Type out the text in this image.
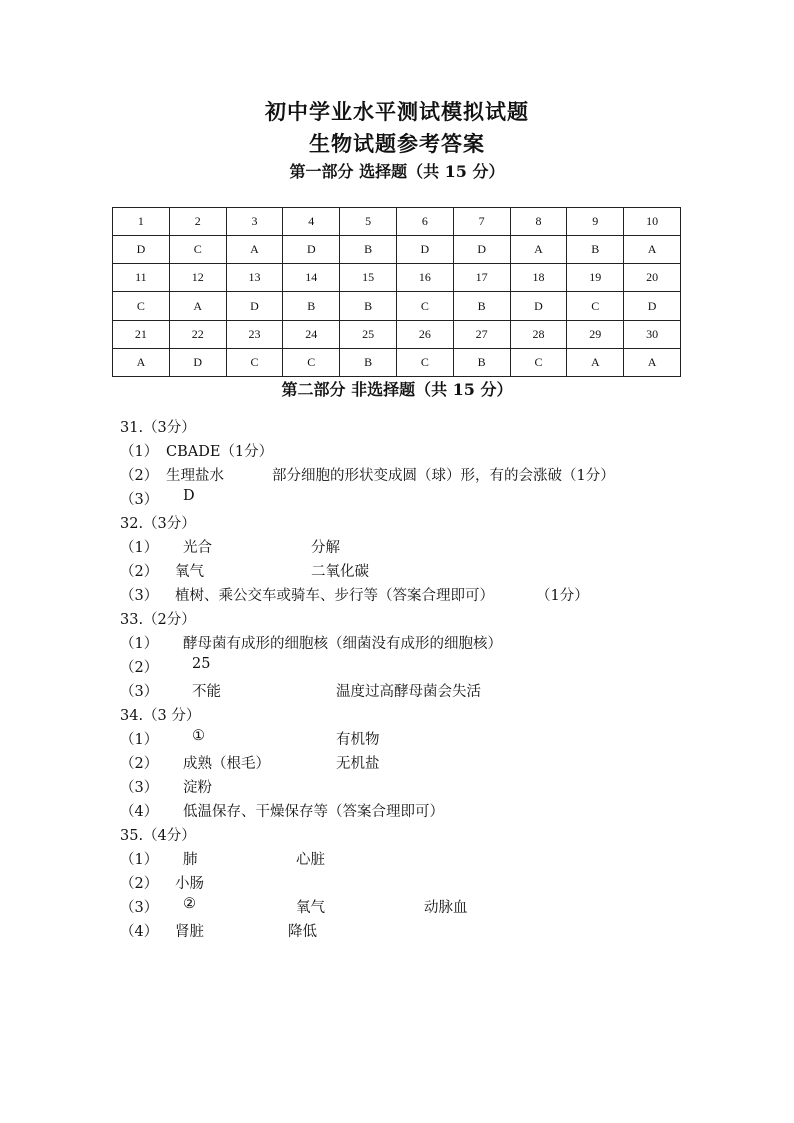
初中学业水平测试模拟试题
生物试题参考答案
第一部分 选择题（共 15 分）
1	2	3	4	5	6	7	8	9	10
D	C	A	D	B	D	D	A	B	A
11	12	13	14	15	16	17	18	19	20
C	A	D	B	B	C	B	D	C	D
21	22	23	24	25	26	27	28	29	30
A	D	C	C	B	C	B	C	A	A
第二部分 非选择题（共 15 分）
31.（3分）
（1） CBADE（1分）
（2） 生理盐水	部分细胞的形状变成圆（球）形，有的会涨破（1分）
（3） D
32.（3分）
（1） 光合	分解
（2） 氧气	二氧化碳
（3） 植树、乘公交车或骑车、步行等（答案合理即可）	（1分）
33.（2分）
（1） 酵母菌有成形的细胞核（细菌没有成形的细胞核）
（2） 25
（3） 不能	温度过高酵母菌会失活
34.（3 分）
（1） ①	有机物
（2） 成熟（根毛）	无机盐
（3） 淀粉
（4） 低温保存、干燥保存等（答案合理即可）
35.（4分）
（1） 肺	心脏
（2） 小肠
（3） ②	氧气	动脉血
（4） 肾脏	降低
